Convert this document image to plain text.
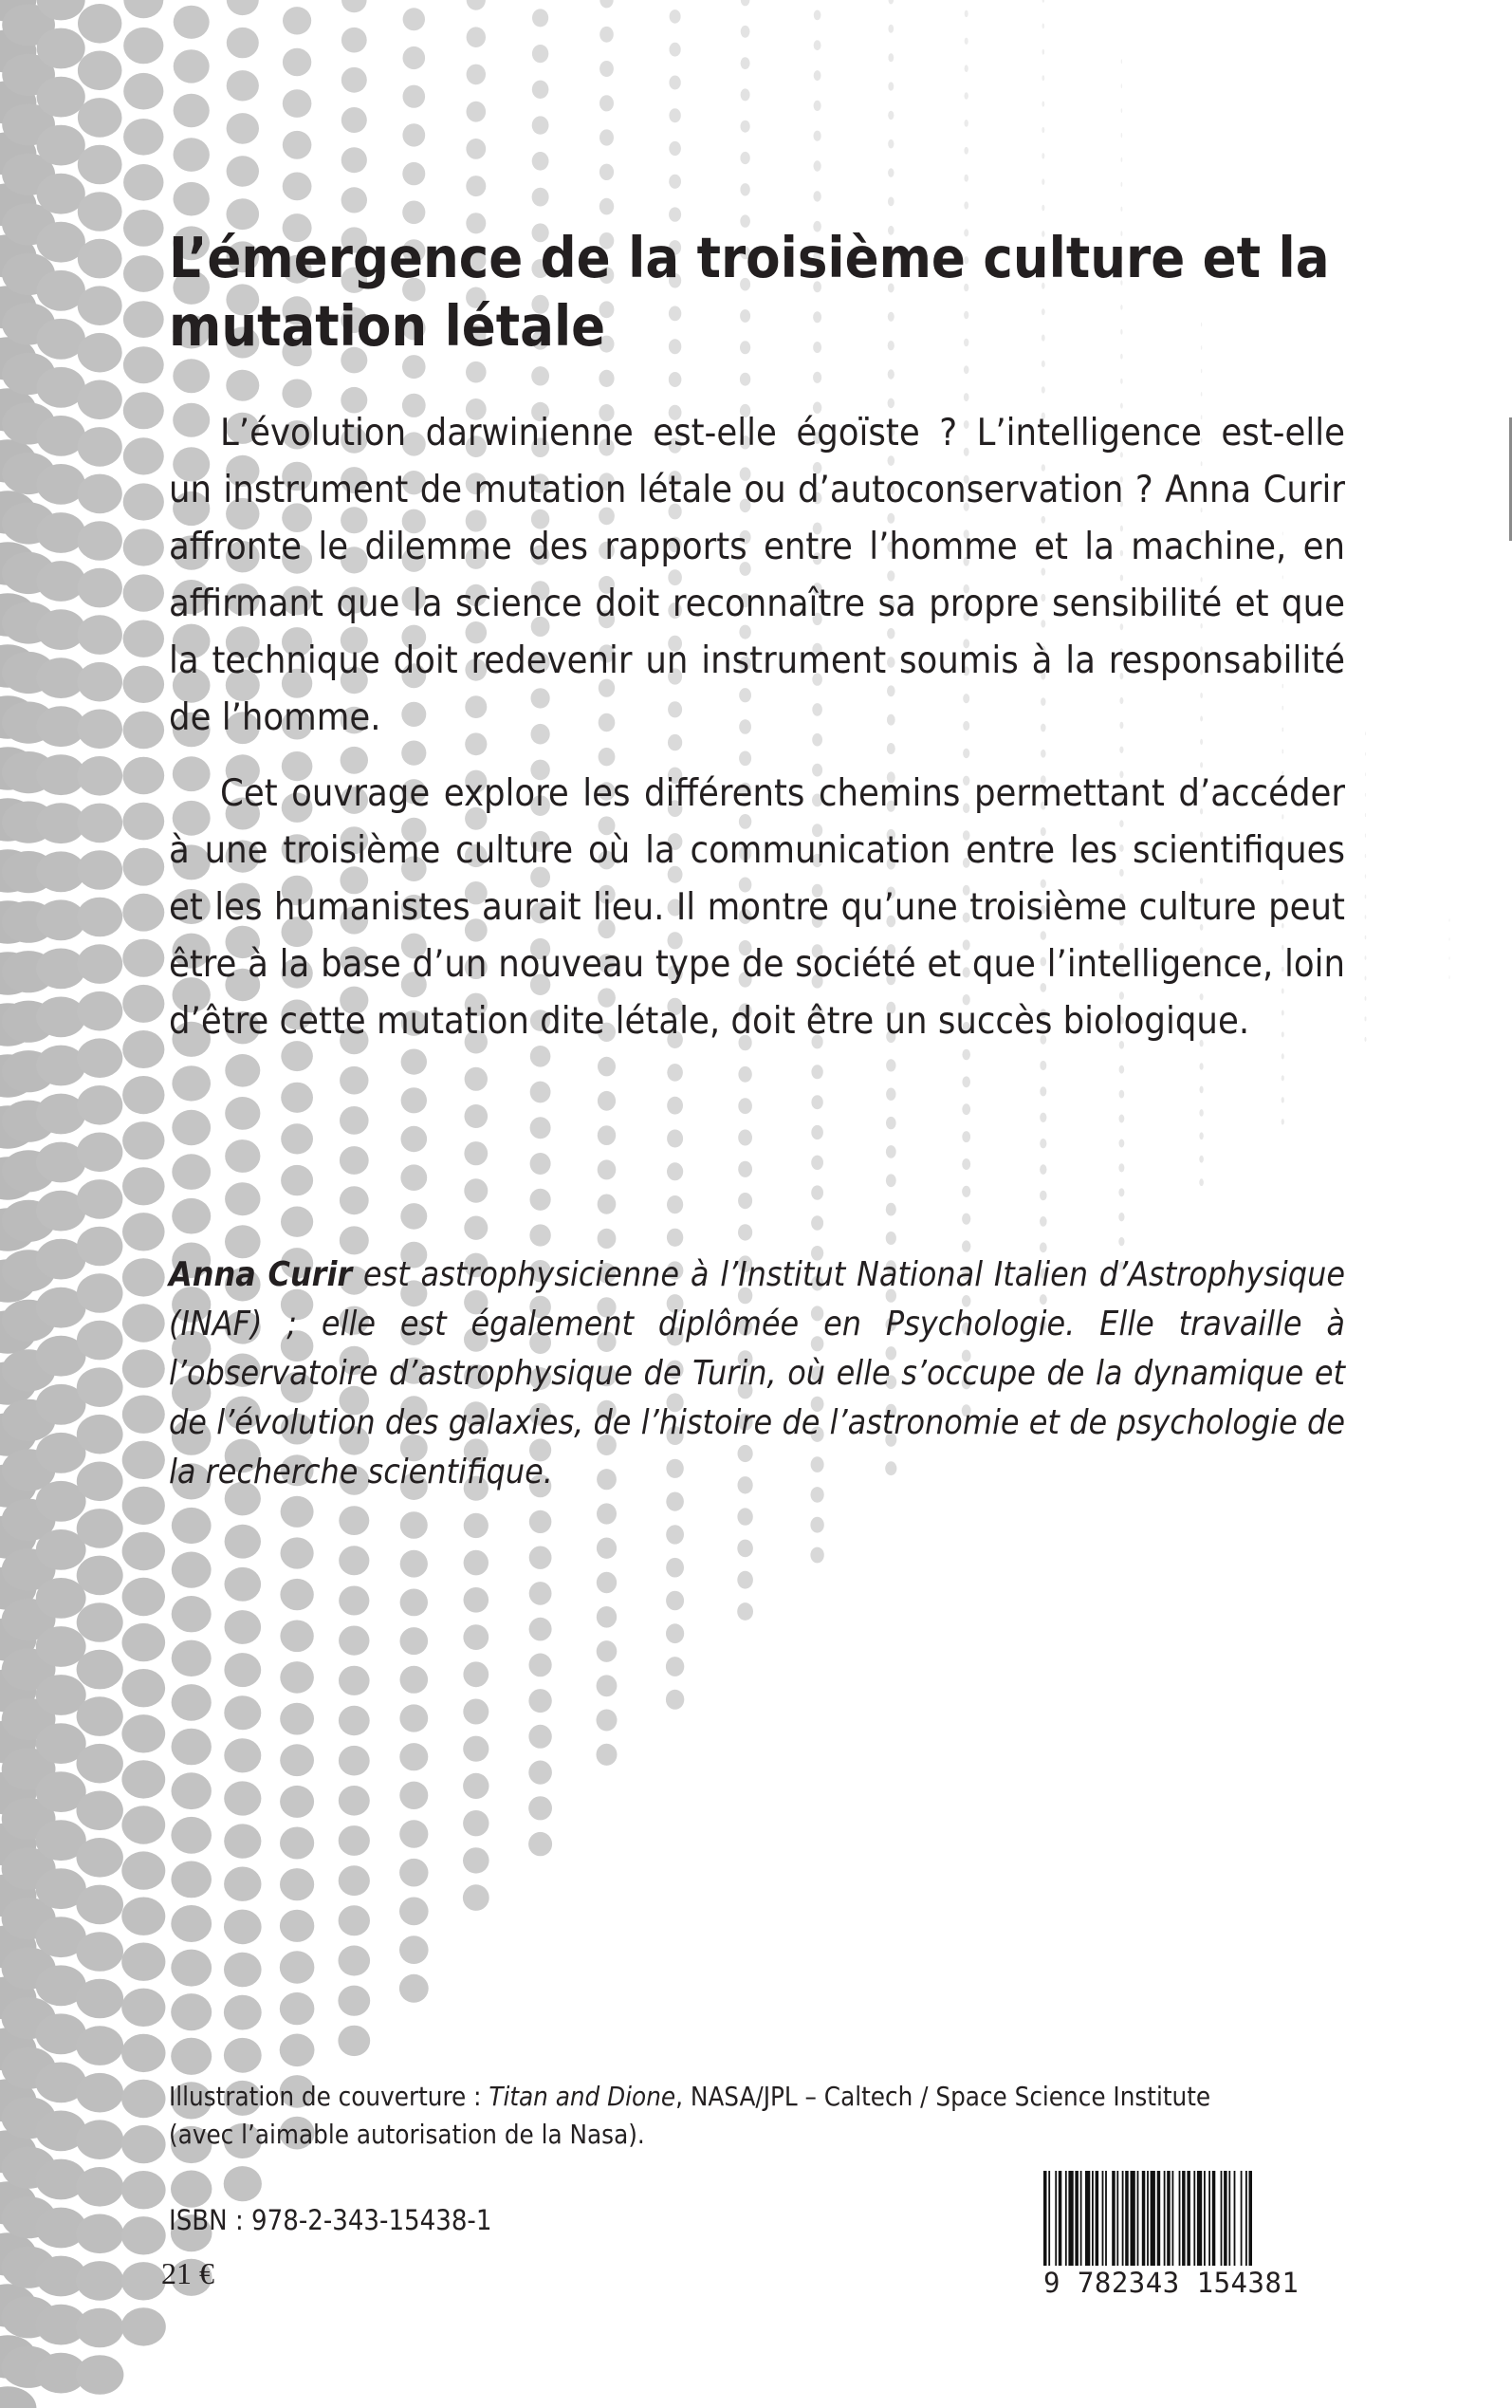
L’émergence de la troisième culture et la mutation létale

L’évolution darwinienne est-elle égoïste ? L’intelligence est-elle un instrument de mutation létale ou d’autoconservation ? Anna Curir affronte le dilemme des rapports entre l’homme et la machine, en affirmant que la science doit reconnaître sa propre sensibilité et que la technique doit redevenir un instrument soumis à la responsabilité de l’homme.

Cet ouvrage explore les différents chemins permettant d’accéder à une troisième culture où la communication entre les scientifiques et les humanistes aurait lieu. Il montre qu’une troisième culture peut être à la base d’un nouveau type de société et que l’intelligence, loin d’être cette mutation dite létale, doit être un succès biologique.

Anna Curir est astrophysicienne à l’Institut National Italien d’Astrophysique (INAF) ; elle est également diplômée en Psychologie. Elle travaille à l’observatoire d’astrophysique de Turin, où elle s’occupe de la dynamique et de l’évolution des galaxies, de l’histoire de l’astronomie et de psychologie de la recherche scientifique.
Illustration de couverture : Titan and Dione, NASA/JPL – Caltech / Space Science Institute (avec l’aimable autorisation de la Nasa).
ISBN : 978-2-343-15438-1
21 €	9 782343 154381
